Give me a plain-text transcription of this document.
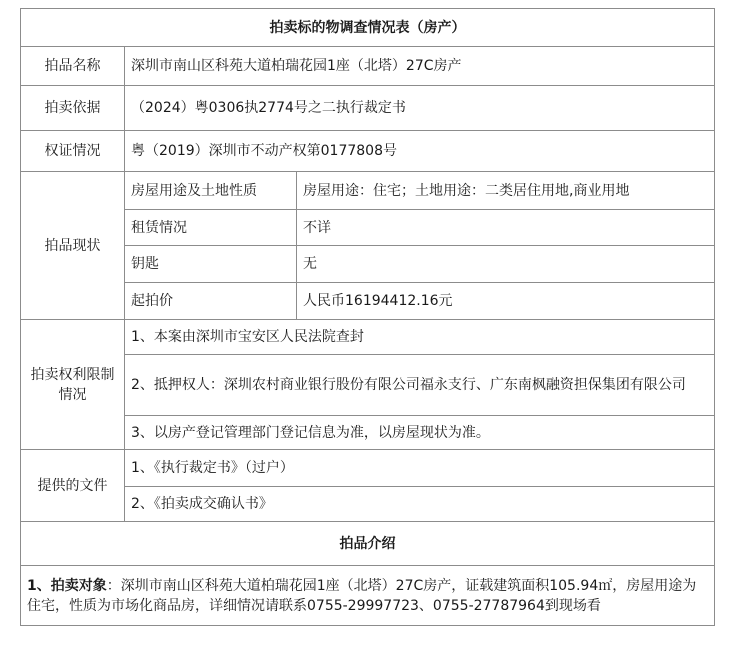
拍卖标的物调查情况表（房产）		
拍品名称	深圳市南山区科苑大道柏瑞花园1座（北塔）27C房产	
拍卖依据	（2024）粤0306执2774号之二执行裁定书	
权证情况	粤（2019）深圳市不动产权第0177808号	
拍品现状	房屋用途及土地性质	房屋用途：住宅；土地用途：二类居住用地,商业用地
	租赁情况	不详
	钥匙	无
	起拍价	人民币16194412.16元
拍卖权利限制
情况	1、本案由深圳市宝安区人民法院查封	
	2、抵押权人：深圳农村商业银行股份有限公司福永支行、广东南枫融资担保集团有限公司	
	3、以房产登记管理部门登记信息为准，以房屋现状为准。	
提供的文件	1、《执行裁定书》（过户）	
	2、《拍卖成交确认书》	
拍品介绍		
1、拍卖对象：深圳市南山区科苑大道柏瑞花园1座（北塔）27C房产，证载建筑面积105.94㎡，房屋用途为住宅，性质为市场化商品房，详细情况请联系0755-29997723、0755-27787964到现场看		
